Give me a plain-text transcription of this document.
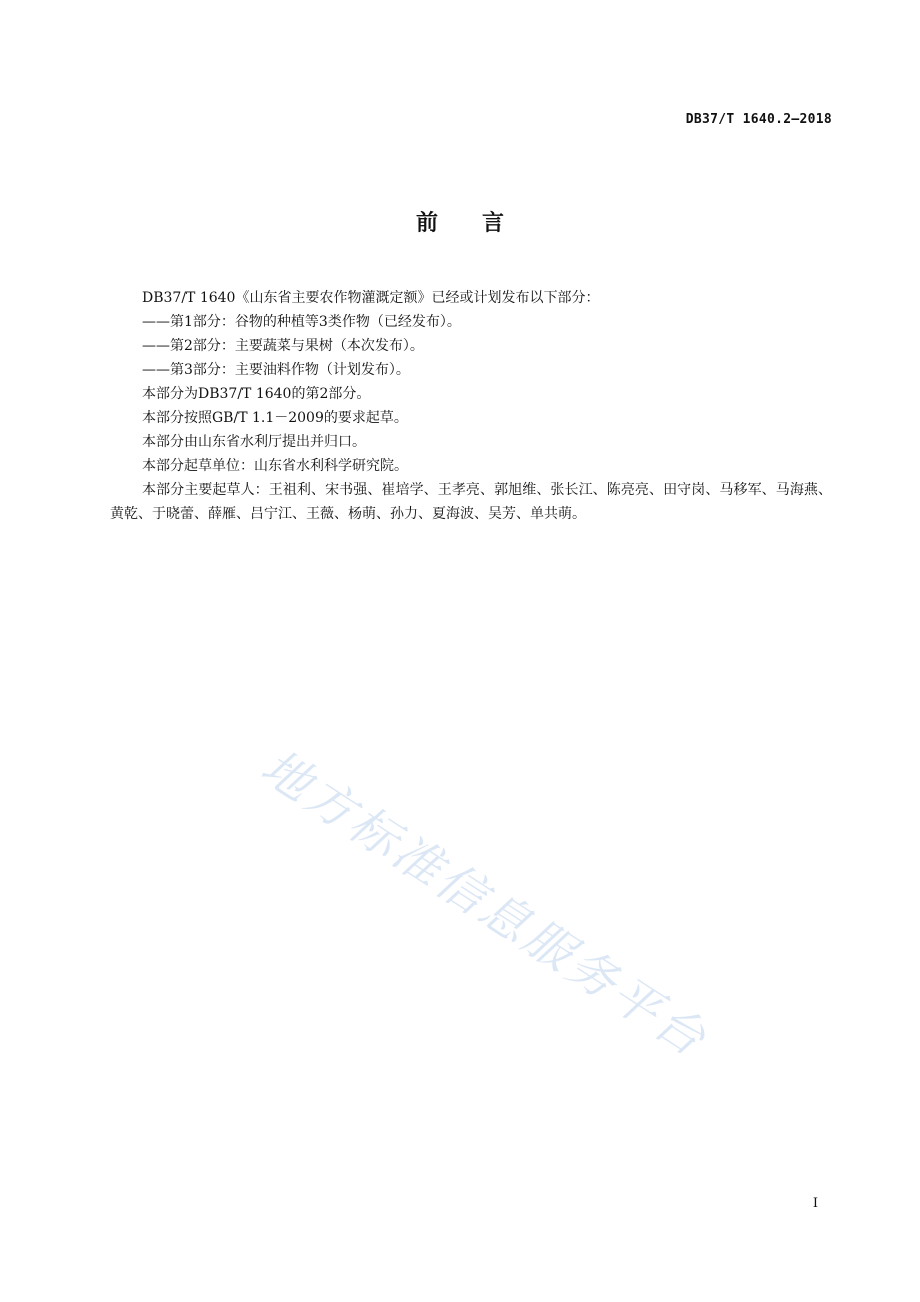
DB37/T 1640.2—2018
前 言

DB37/T 1640《山东省主要农作物灌溉定额》已经或计划发布以下部分：

——第1部分：谷物的种植等3类作物（已经发布）。

——第2部分：主要蔬菜与果树（本次发布）。

——第3部分：主要油料作物（计划发布）。

本部分为DB37/T 1640的第2部分。

本部分按照GB/T 1.1－2009的要求起草。

本部分由山东省水利厅提出并归口。

本部分起草单位：山东省水利科学研究院。

本部分主要起草人：王祖利、宋书强、崔培学、王孝亮、郭旭维、张长江、陈亮亮、田守岗、马移军、马海燕、黄乾、于晓蕾、薛雁、吕宁江、王薇、杨萌、孙力、夏海波、吴芳、单共萌。

地方标准信息服务平台
I
